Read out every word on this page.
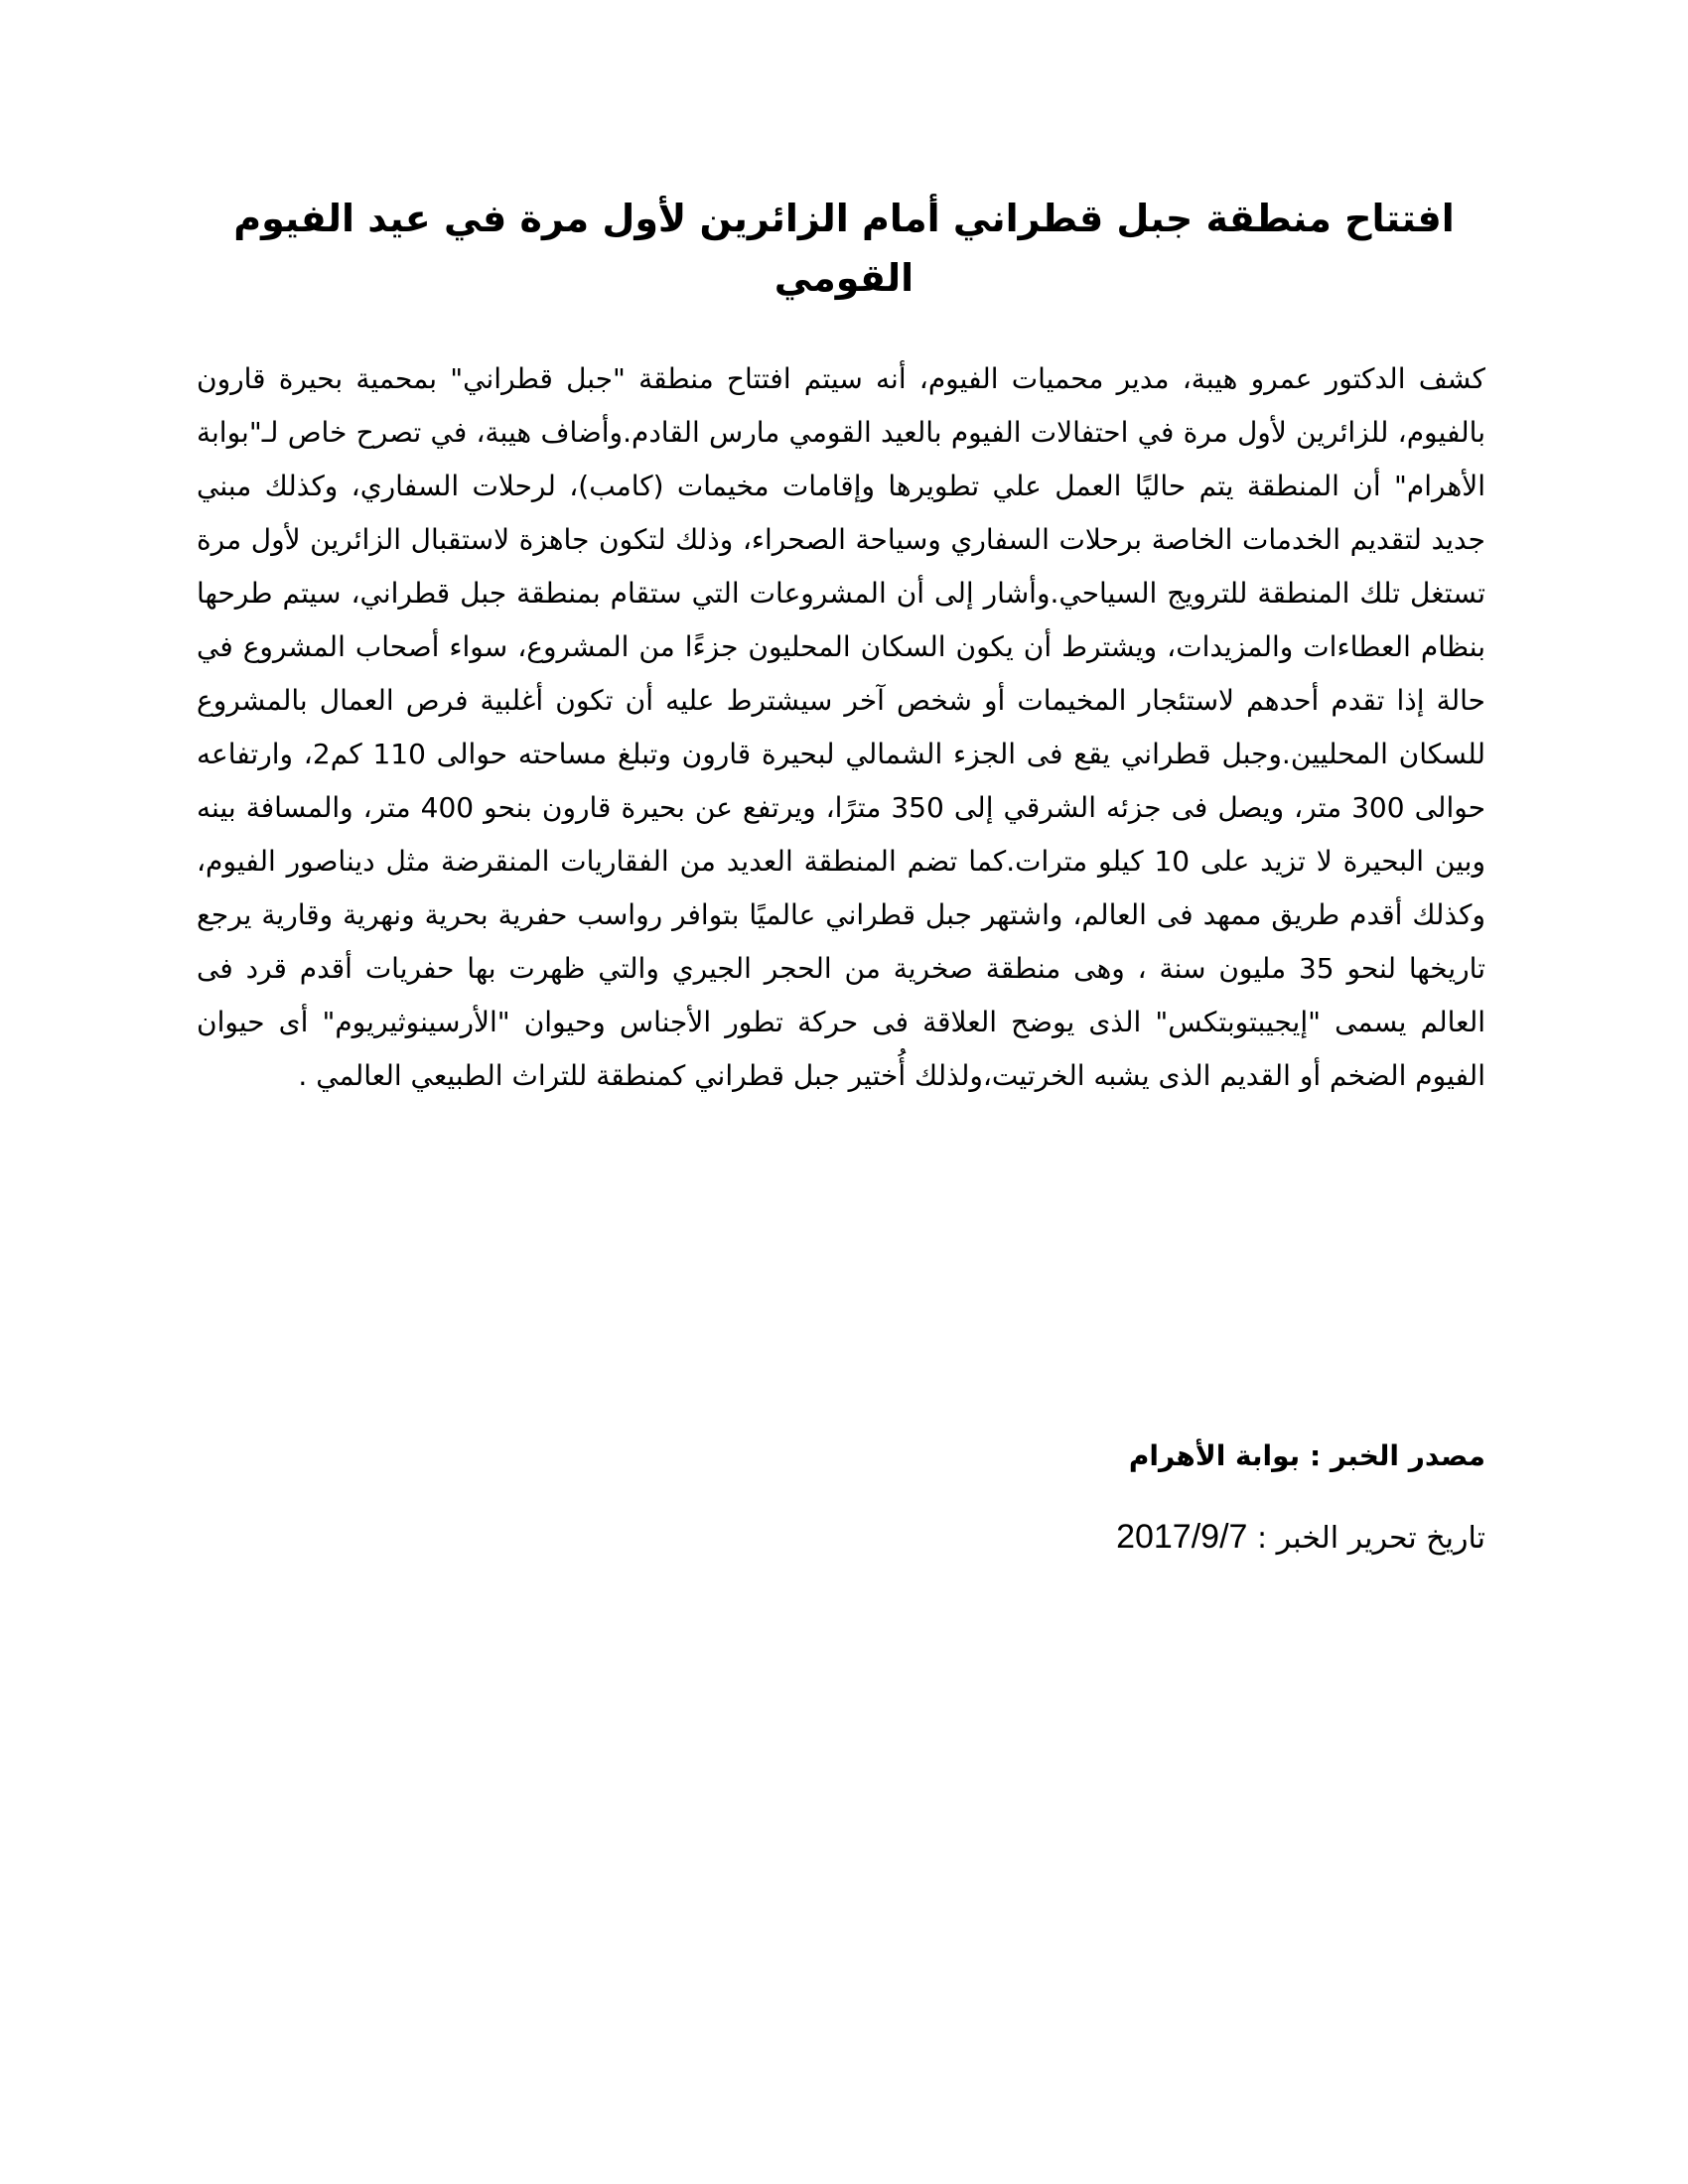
افتتاح منطقة جبل قطراني أمام الزائرين لأول مرة في عيد الفيوم القومي

كشف الدكتور عمرو هيبة، مدير محميات الفيوم، أنه سيتم افتتاح منطقة "جبل قطراني" بمحمية بحيرة قارون بالفيوم، للزائرين لأول مرة في احتفالات الفيوم بالعيد القومي مارس القادم.وأضاف هيبة، في تصرح خاص لـ"بوابة الأهرام" أن المنطقة يتم حاليًا العمل علي تطويرها وإقامات مخيمات (كامب)، لرحلات السفاري، وكذلك مبني جديد لتقديم الخدمات الخاصة برحلات السفاري وسياحة الصحراء، وذلك لتكون جاهزة لاستقبال الزائرين لأول مرة تستغل تلك المنطقة للترويج السياحي.وأشار إلى أن المشروعات التي ستقام بمنطقة جبل قطراني، سيتم طرحها بنظام العطاءات والمزيدات، ويشترط أن يكون السكان المحليون جزءًا من المشروع، سواء أصحاب المشروع في حالة إذا تقدم أحدهم لاستئجار المخيمات أو شخص آخر سيشترط عليه أن تكون أغلبية فرص العمال بالمشروع للسكان المحليين.وجبل قطراني يقع فى الجزء الشمالي لبحيرة قارون وتبلغ مساحته حوالى 110 كم2، وارتفاعه حوالى 300 متر، ويصل فى جزئه الشرقي إلى 350 مترًا، ويرتفع عن بحيرة قارون بنحو 400 متر، والمسافة بينه وبين البحيرة لا تزيد على 10 كيلو مترات.كما تضم المنطقة العديد من الفقاريات المنقرضة مثل ديناصور الفيوم، وكذلك أقدم طريق ممهد فى العالم، واشتهر جبل قطراني عالميًا بتوافر رواسب حفرية بحرية ونهرية وقارية يرجع تاريخها لنحو 35 مليون سنة ، وهى منطقة صخرية من الحجر الجيري والتي ظهرت بها حفريات أقدم قرد فى العالم يسمى "إيجيبتوبتكس" الذى يوضح العلاقة فى حركة تطور الأجناس وحيوان "الأرسينوثيريوم" أى حيوان الفيوم الضخم أو القديم الذى يشبه الخرتيت،ولذلك أُختير جبل قطراني كمنطقة للتراث الطبيعي العالمي .

مصدر الخبر : بوابة الأهرام

تاريخ تحرير الخبر : 2017/9/7
